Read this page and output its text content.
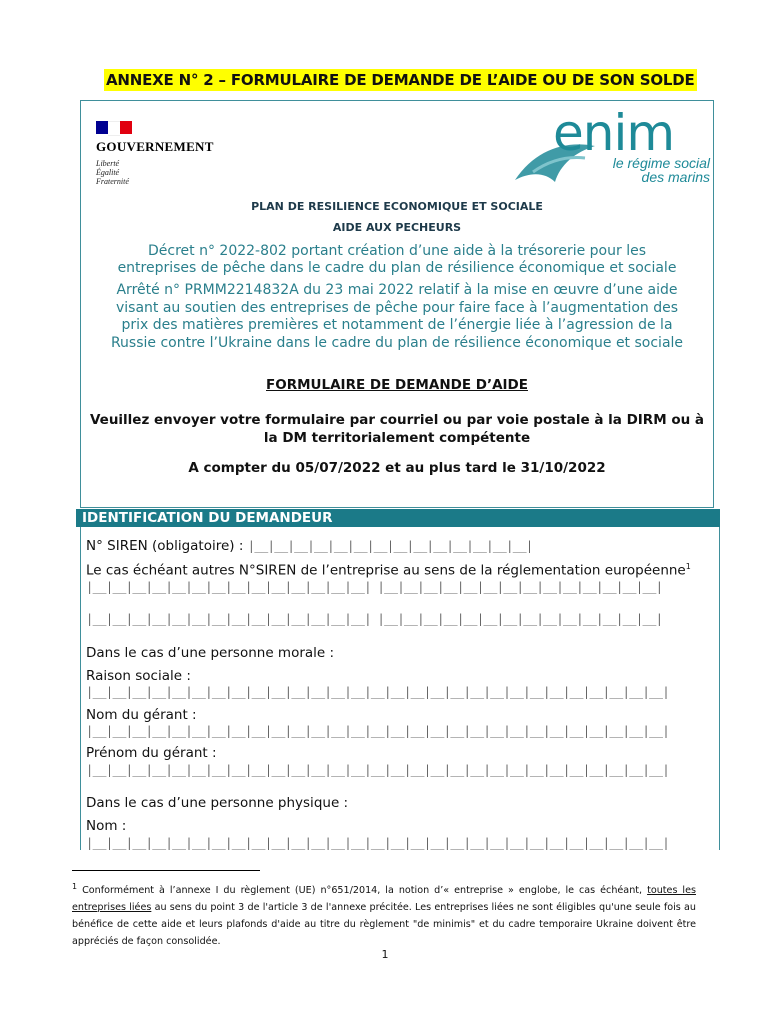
ANNEXE N° 2 – FORMULAIRE DE DEMANDE DE L’AIDE OU DE SON SOLDE
GOUVERNEMENT
Liberté
Égalité
Fraternité
enim
le régime social
des marins
PLAN DE RESILIENCE ECONOMIQUE ET SOCIALE
AIDE AUX PECHEURS
Décret n° 2022-802 portant création d’une aide à la trésorerie pour les entreprises de pêche dans le cadre du plan de résilience économique et sociale
Arrêté n° PRMM2214832A du 23 mai 2022 relatif à la mise en œuvre d’une aide visant au soutien des entreprises de pêche pour faire face à l’augmentation des prix des matières premières et notamment de l’énergie liée à l’agression de la Russie contre l’Ukraine dans le cadre du plan de résilience économique et sociale
FORMULAIRE DE DEMANDE D’AIDE
Veuillez envoyer votre formulaire par courriel ou par voie postale à la DIRM ou à la DM territorialement compétente
A compter du 05/07/2022 et au plus tard le 31/10/2022
IDENTIFICATION DU DEMANDEUR
N° SIREN (obligatoire) : |__|__|__|__|__|__|__|__|__|__|__|__|__|__|
Le cas échéant autres N°SIREN de l’entreprise au sens de la réglementation européenne$^1$
|__|__|__|__|__|__|__|__|__|__|__|__|__|__| |__|__|__|__|__|__|__|__|__|__|__|__|__|__|
|__|__|__|__|__|__|__|__|__|__|__|__|__|__| |__|__|__|__|__|__|__|__|__|__|__|__|__|__|
Dans le cas d’une personne morale :
Raison sociale :
|__|__|__|__|__|__|__|__|__|__|__|__|__|__|__|__|__|__|__|__|__|__|__|__|__|__|__|__|__|
Nom du gérant :
|__|__|__|__|__|__|__|__|__|__|__|__|__|__|__|__|__|__|__|__|__|__|__|__|__|__|__|__|__|
Prénom du gérant :
|__|__|__|__|__|__|__|__|__|__|__|__|__|__|__|__|__|__|__|__|__|__|__|__|__|__|__|__|__|
Dans le cas d’une personne physique :
Nom :
|__|__|__|__|__|__|__|__|__|__|__|__|__|__|__|__|__|__|__|__|__|__|__|__|__|__|__|__|__|
$^1$ Conformément à l’annexe I du règlement (UE) n°651/2014, la notion d’« entreprise » englobe, le cas échéant, toutes les entreprises liées au sens du point 3 de l'article 3 de l'annexe précitée. Les entreprises liées ne sont éligibles qu'une seule fois au bénéfice de cette aide et leurs plafonds d'aide au titre du règlement "de minimis" et du cadre temporaire Ukraine doivent être appréciés de façon consolidée.
1
